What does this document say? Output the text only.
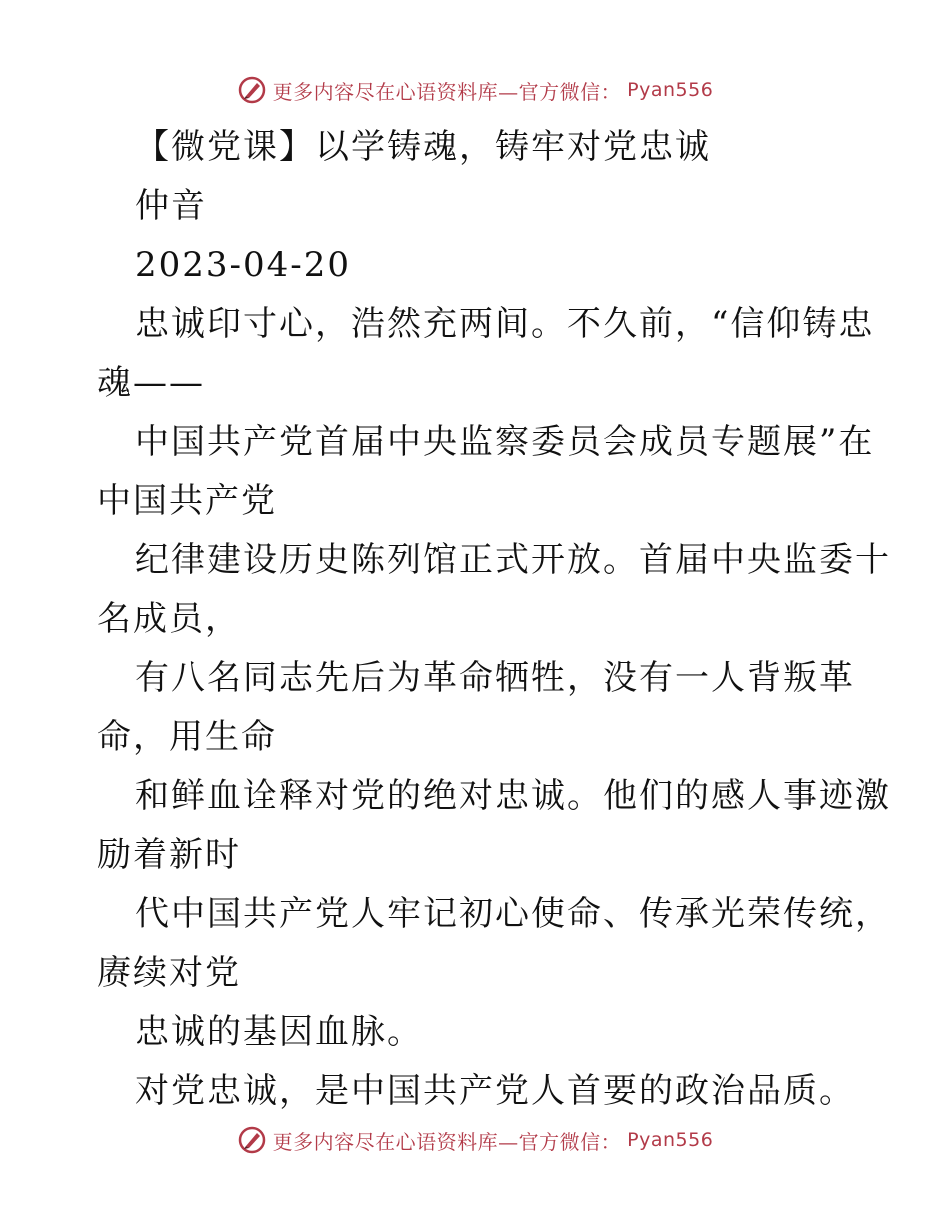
更多内容尽在心语资料库—官方微信： Pyan556
【微党课】以学铸魂，铸牢对党忠诚
仲音
2023-04-20
忠诚印寸心，浩然充两间。不久前，“信仰铸忠
魂——
中国共产党首届中央监察委员会成员专题展”在
中国共产党
纪律建设历史陈列馆正式开放。首届中央监委十
名成员，
有八名同志先后为革命牺牲，没有一人背叛革
命，用生命
和鲜血诠释对党的绝对忠诚。他们的感人事迹激
励着新时
代中国共产党人牢记初心使命、传承光荣传统，
赓续对党
忠诚的基因血脉。
对党忠诚，是中国共产党人首要的政治品质。
更多内容尽在心语资料库—官方微信： Pyan556
